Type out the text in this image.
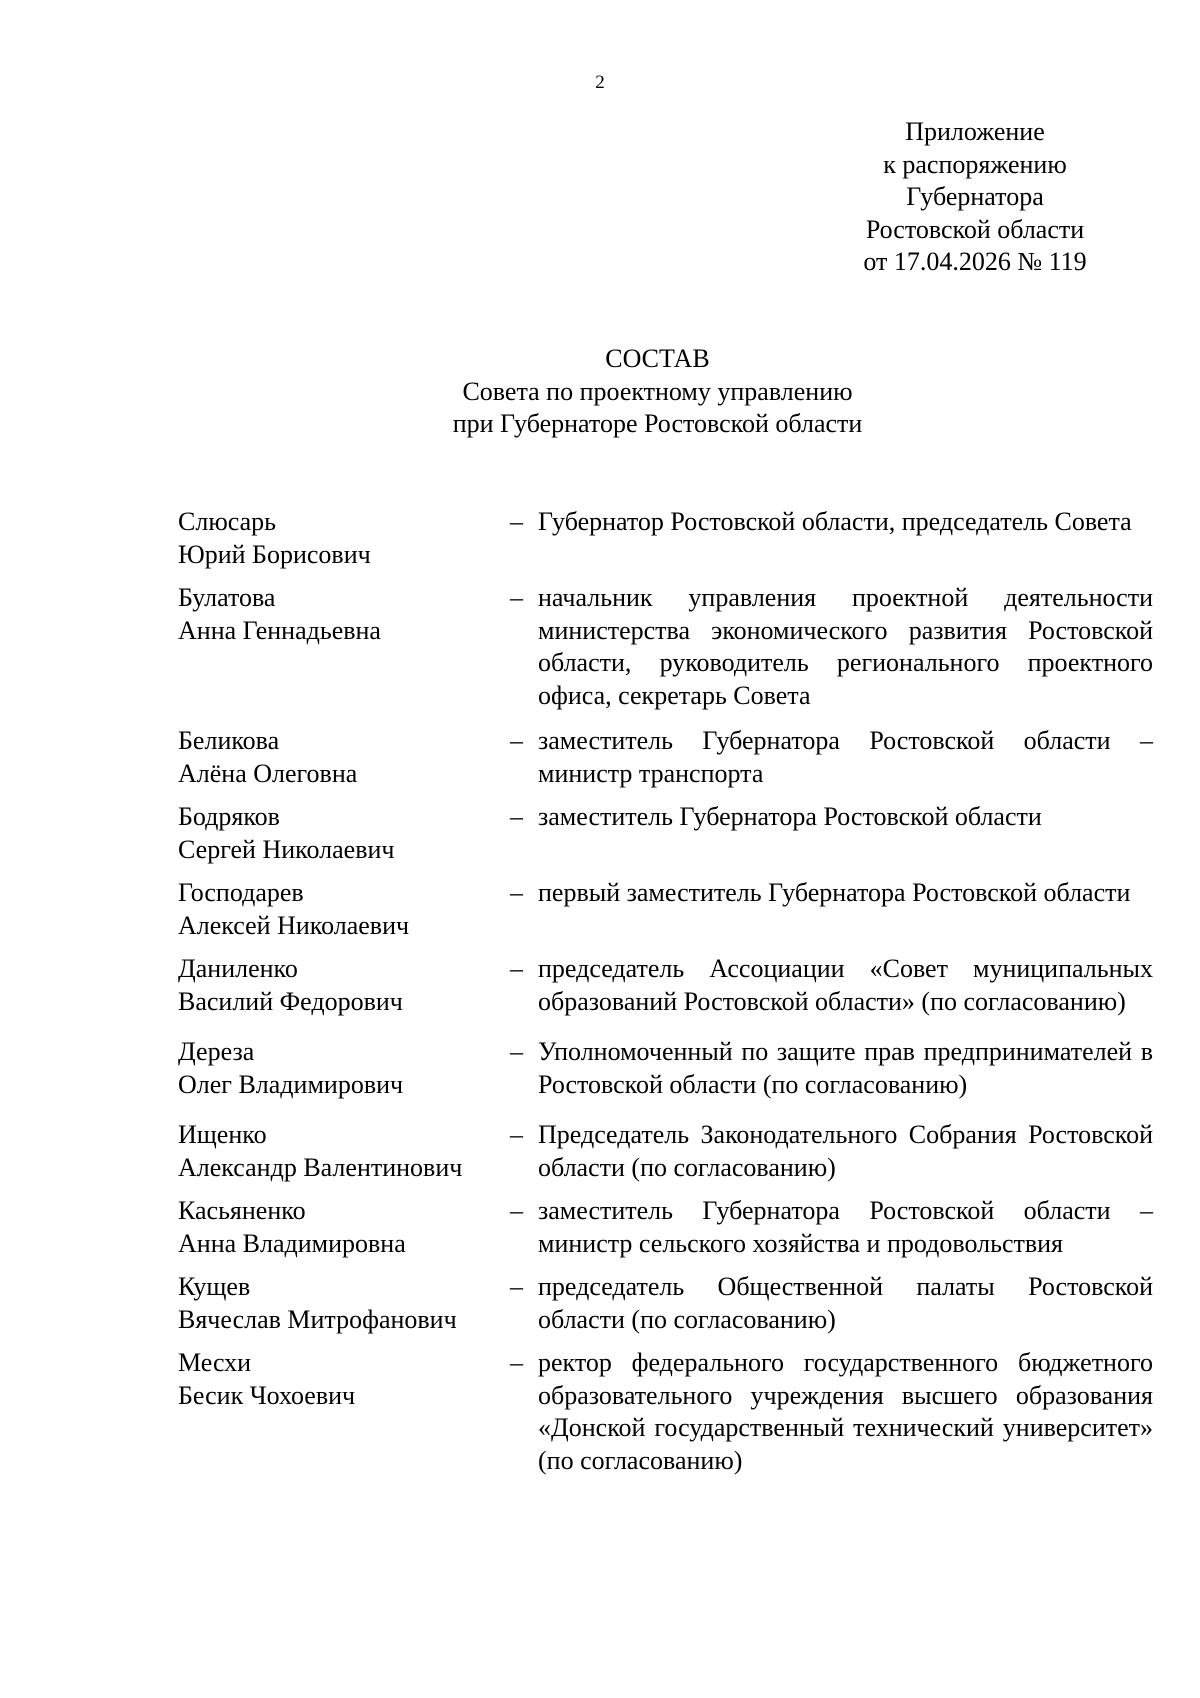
2
Приложение
к распоряжению
Губернатора
Ростовской области
от 17.04.2026 № 119
СОСТАВ
Совета по проектному управлению
при Губернаторе Ростовской области
Слюсарь
Юрий Борисович
– Губернатор Ростовской области, председатель Совета
Булатова
Анна Геннадьевна
– начальник управления проектной деятельности министерства экономического развития Ростовской области, руководитель регионального проектного офиса, секретарь Совета
Беликова
Алёна Олеговна
– заместитель Губернатора Ростовской области – министр транспорта
Бодряков
Сергей Николаевич
– заместитель Губернатора Ростовской области
Господарев
Алексей Николаевич
– первый заместитель Губернатора Ростовской области
Даниленко
Василий Федорович
– председатель Ассоциации «Совет муниципальных образований Ростовской области» (по согласованию)
Дереза
Олег Владимирович
– Уполномоченный по защите прав предпринимателей в Ростовской области (по согласованию)
Ищенко
Александр Валентинович
– Председатель Законодательного Собрания Ростовской области (по согласованию)
Касьяненко
Анна Владимировна
– заместитель Губернатора Ростовской области – министр сельского хозяйства и продовольствия
Кущев
Вячеслав Митрофанович
– председатель Общественной палаты Ростовской области (по согласованию)
Месхи
Бесик Чохоевич
– ректор федерального государственного бюджетного образовательного учреждения высшего образования «Донской государственный технический университет» (по согласованию)
